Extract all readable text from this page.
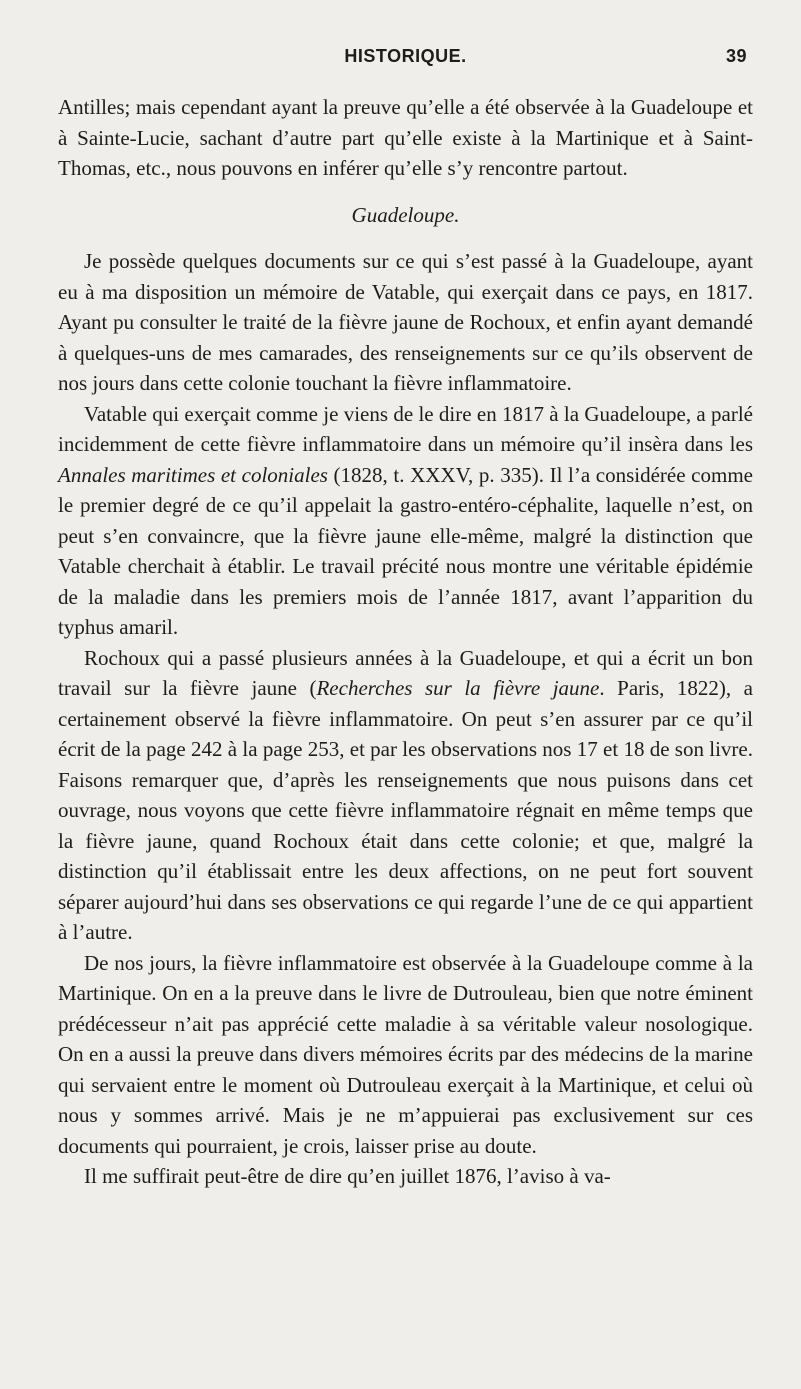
HISTORIQUE.	39

Antilles; mais cependant ayant la preuve qu’elle a été observée à la Guadeloupe et à Sainte-Lucie, sachant d’autre part qu’elle existe à la Martinique et à Saint-Thomas, etc., nous pouvons en inférer qu’elle s’y rencontre partout.

Guadeloupe.

Je possède quelques documents sur ce qui s’est passé à la Guadeloupe, ayant eu à ma disposition un mémoire de Vatable, qui exerçait dans ce pays, en 1817. Ayant pu consulter le traité de la fièvre jaune de Rochoux, et enfin ayant demandé à quelques-uns de mes camarades, des renseignements sur ce qu’ils observent de nos jours dans cette colonie touchant la fièvre inflammatoire.

Vatable qui exerçait comme je viens de le dire en 1817 à la Guadeloupe, a parlé incidemment de cette fièvre inflammatoire dans un mémoire qu’il insèra dans les Annales maritimes et coloniales (1828, t. XXXV, p. 335). Il l’a considérée comme le premier degré de ce qu’il appelait la gastro-entéro-céphalite, laquelle n’est, on peut s’en convaincre, que la fièvre jaune elle-même, malgré la distinction que Vatable cherchait à établir. Le travail précité nous montre une véritable épidémie de la maladie dans les premiers mois de l’année 1817, avant l’apparition du typhus amaril.

Rochoux qui a passé plusieurs années à la Guadeloupe, et qui a écrit un bon travail sur la fièvre jaune (Recherches sur la fièvre jaune. Paris, 1822), a certainement observé la fièvre inflammatoire. On peut s’en assurer par ce qu’il écrit de la page 242 à la page 253, et par les observations nos 17 et 18 de son livre. Faisons remarquer que, d’après les renseignements que nous puisons dans cet ouvrage, nous voyons que cette fièvre inflammatoire régnait en même temps que la fièvre jaune, quand Rochoux était dans cette colonie; et que, malgré la distinction qu’il établissait entre les deux affections, on ne peut fort souvent séparer aujourd’hui dans ses observations ce qui regarde l’une de ce qui appartient à l’autre.

De nos jours, la fièvre inflammatoire est observée à la Guadeloupe comme à la Martinique. On en a la preuve dans le livre de Dutrouleau, bien que notre éminent prédécesseur n’ait pas apprécié cette maladie à sa véritable valeur nosologique. On en a aussi la preuve dans divers mémoires écrits par des médecins de la marine qui servaient entre le moment où Dutrouleau exerçait à la Martinique, et celui où nous y sommes arrivé. Mais je ne m’appuierai pas exclusivement sur ces documents qui pourraient, je crois, laisser prise au doute.

Il me suffirait peut-être de dire qu’en juillet 1876, l’aviso à va-
